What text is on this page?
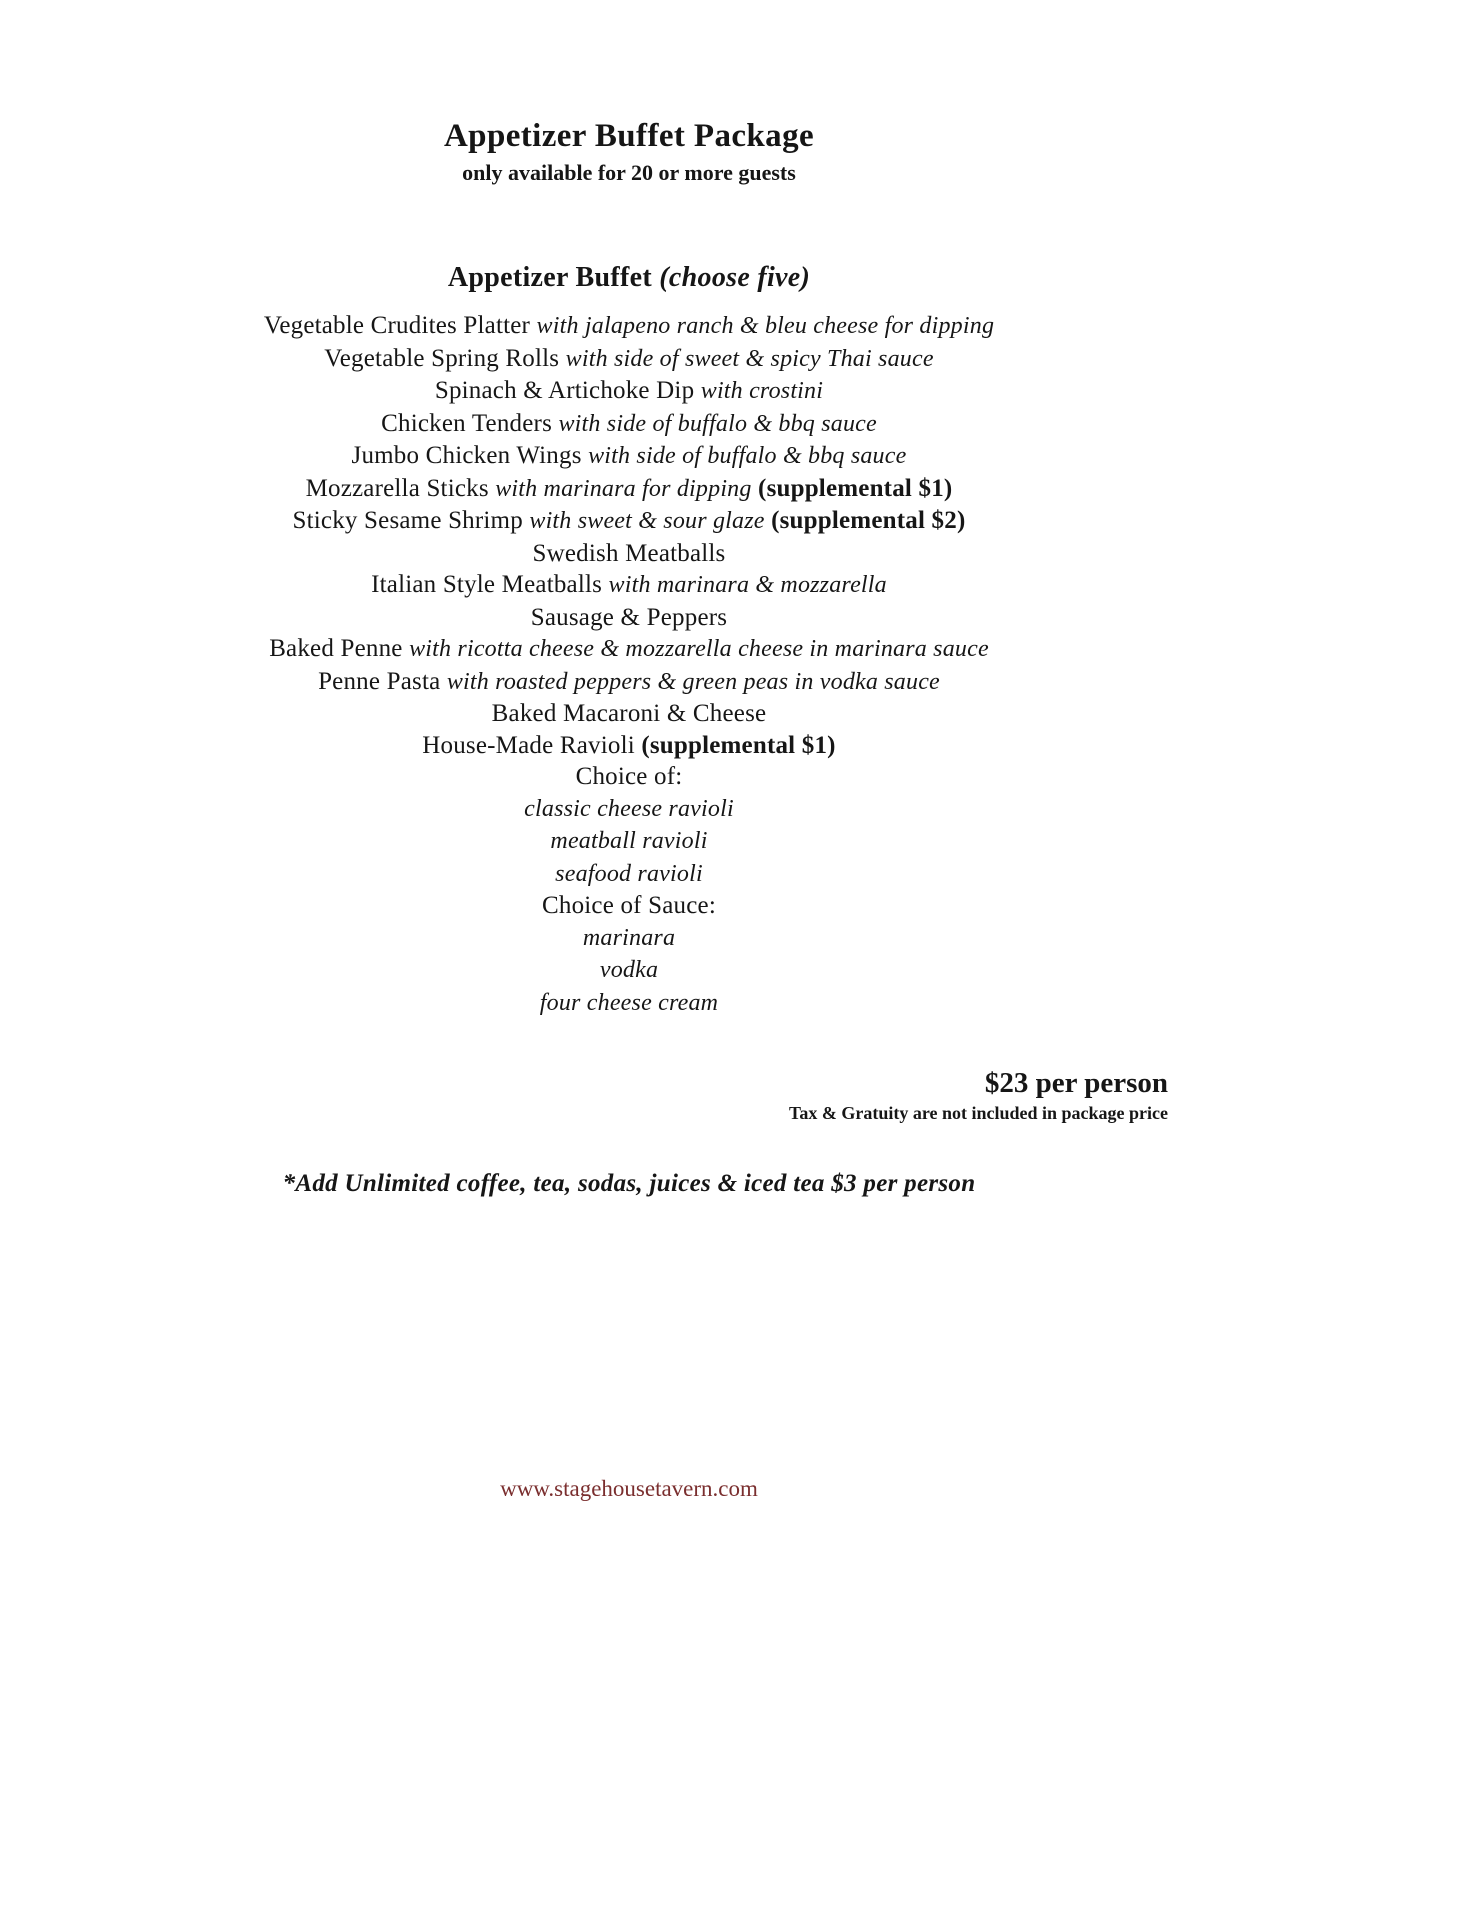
Appetizer Buffet Package
only available for 20 or more guests
Appetizer Buffet (choose five)
Vegetable Crudites Platter with jalapeno ranch & bleu cheese for dipping
Vegetable Spring Rolls with side of sweet & spicy Thai sauce
Spinach & Artichoke Dip with crostini
Chicken Tenders with side of buffalo & bbq sauce
Jumbo Chicken Wings with side of buffalo & bbq sauce
Mozzarella Sticks with marinara for dipping (supplemental $1)
Sticky Sesame Shrimp with sweet & sour glaze (supplemental $2)
Swedish Meatballs
Italian Style Meatballs with marinara & mozzarella
Sausage & Peppers
Baked Penne with ricotta cheese & mozzarella cheese in marinara sauce
Penne Pasta with roasted peppers & green peas in vodka sauce
Baked Macaroni & Cheese
House-Made Ravioli (supplemental $1)
Choice of:
classic cheese ravioli
meatball ravioli
seafood ravioli
Choice of Sauce:
marinara
vodka
four cheese cream
$23 per person
Tax & Gratuity are not included in package price
*Add Unlimited coffee, tea, sodas, juices & iced tea $3 per person
www.stagehousetavern.com
